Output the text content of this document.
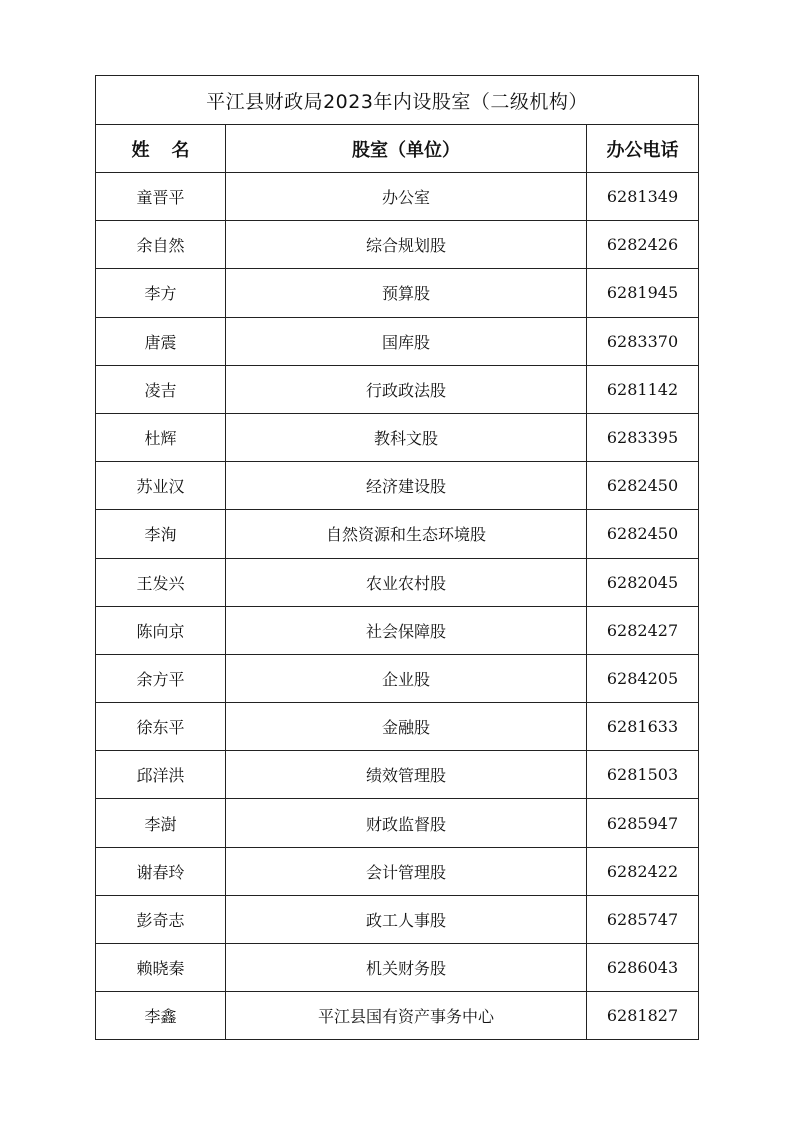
平江县财政局2023年内设股室（二级机构）		
姓名	股室（单位）	办公电话
童晋平	办公室	6281349
余自然	综合规划股	6282426
李方	预算股	6281945
唐震	国库股	6283370
凌吉	行政政法股	6281142
杜辉	教科文股	6283395
苏业汉	经济建设股	6282450
李洵	自然资源和生态环境股	6282450
王发兴	农业农村股	6282045
陈向京	社会保障股	6282427
余方平	企业股	6284205
徐东平	金融股	6281633
邱洋洪	绩效管理股	6281503
李澍	财政监督股	6285947
谢春玲	会计管理股	6282422
彭奇志	政工人事股	6285747
赖晓秦	机关财务股	6286043
李鑫	平江县国有资产事务中心	6281827
